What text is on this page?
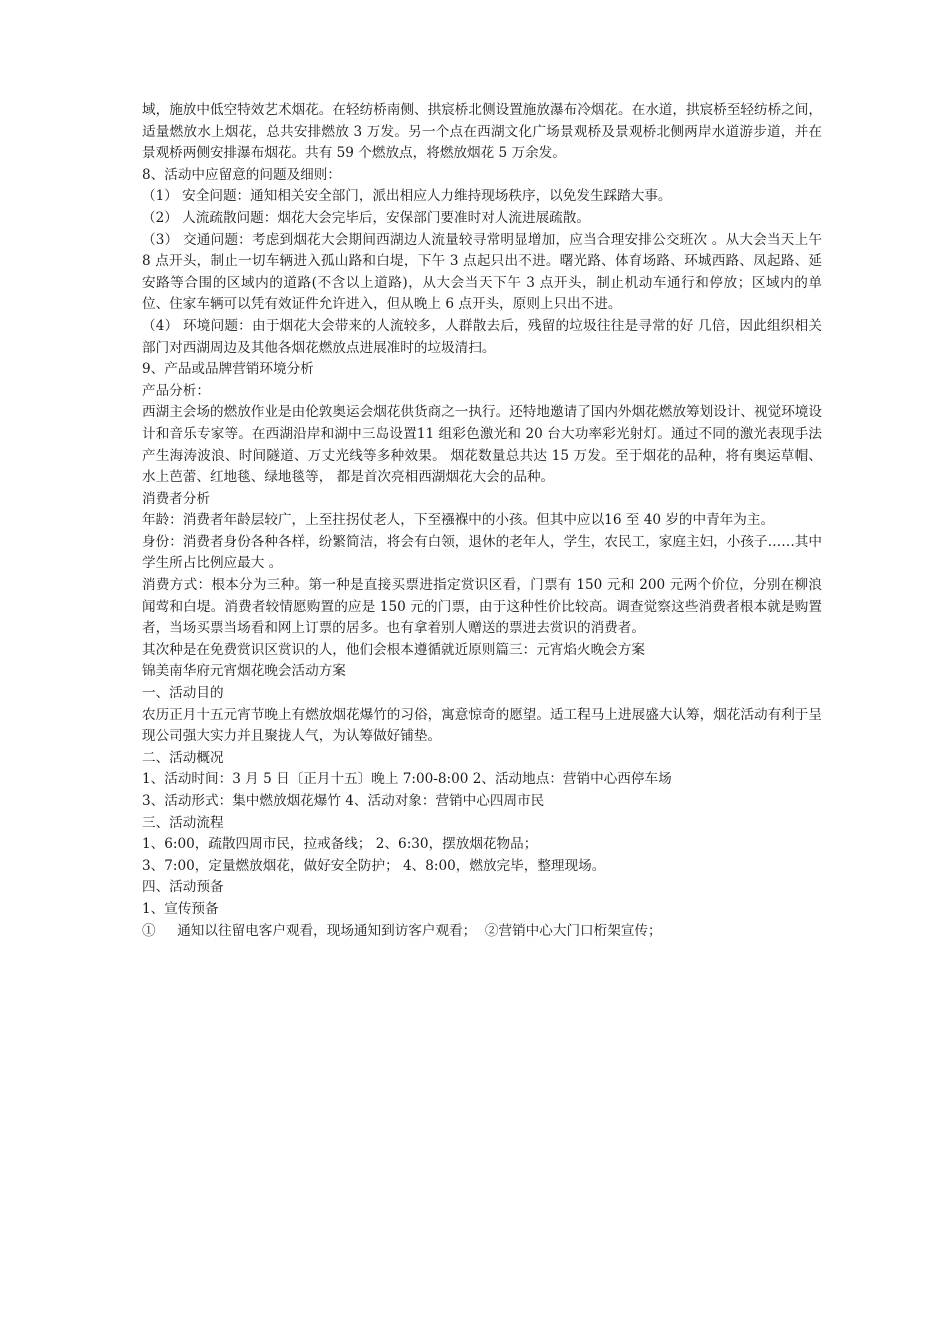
域，施放中低空特效艺术烟花。在轻纺桥南侧、拱宸桥北侧设置施放瀑布冷烟花。在水道，拱宸桥至轻纺桥之间，适量燃放水上烟花，总共安排燃放 3 万发。另一个点在西湖文化广场景观桥及景观桥北侧两岸水道游步道，并在景观桥两侧安排瀑布烟花。共有 59 个燃放点，将燃放烟花 5 万余发。

8、活动中应留意的问题及细则：

（1） 安全问题：通知相关安全部门，派出相应人力维持现场秩序，以免发生踩踏大事。

（2） 人流疏散问题：烟花大会完毕后，安保部门要准时对人流进展疏散。

（3） 交通问题：考虑到烟花大会期间西湖边人流量较寻常明显增加，应当合理安排公交班次 。从大会当天上午 8 点开头，制止一切车辆进入孤山路和白堤，下午 3 点起只出不进。曙光路、体育场路、环城西路、凤起路、延安路等合围的区域内的道路(不含以上道路)，从大会当天下午 3 点开头，制止机动车通行和停放；区域内的单位、住家车辆可以凭有效证件允许进入，但从晚上 6 点开头，原则上只出不进。

（4） 环境问题：由于烟花大会带来的人流较多，人群散去后，残留的垃圾往往是寻常的好 几倍，因此组织相关部门对西湖周边及其他各烟花燃放点进展准时的垃圾清扫。

9、产品或品牌营销环境分析

产品分析：

西湖主会场的燃放作业是由伦敦奥运会烟花供货商之一执行。还特地邀请了国内外烟花燃放筹划设计、视觉环境设计和音乐专家等。在西湖沿岸和湖中三岛设置11 组彩色激光和 20 台大功率彩光射灯。通过不同的激光表现手法产生海涛波浪、时间隧道、万丈光线等多种效果。 烟花数量总共达 15 万发。至于烟花的品种，将有奥运草帽、水上芭蕾、红地毯、绿地毯等， 都是首次亮相西湖烟花大会的品种。

消费者分析

年龄：消费者年龄层较广，上至拄拐仗老人，下至襁褓中的小孩。但其中应以16 至 40 岁的中青年为主。

身份：消费者身份各种各样，纷繁简洁，将会有白领，退休的老年人，学生，农民工，家庭主妇，小孩子……其中学生所占比例应最大 。

消费方式：根本分为三种。第一种是直接买票进指定赏识区看，门票有 150 元和 200 元两个价位，分别在柳浪闻莺和白堤。消费者较情愿购置的应是 150 元的门票，由于这种性价比较高。调查觉察这些消费者根本就是购置者，当场买票当场看和网上订票的居多。也有拿着别人赠送的票进去赏识的消费者。

其次种是在免费赏识区赏识的人，他们会根本遵循就近原则篇三：元宵焰火晚会方案

锦美南华府元宵烟花晚会活动方案

一、活动目的

农历正月十五元宵节晚上有燃放烟花爆竹的习俗，寓意惊奇的愿望。适工程马上进展盛大认筹，烟花活动有利于呈现公司强大实力并且聚拢人气，为认筹做好铺垫。

二、活动概况

1、活动时间：3 月 5 日〔正月十五〕晚上 7:00-8:00 2、活动地点：营销中心西停车场

3、活动形式：集中燃放烟花爆竹 4、活动对象：营销中心四周市民

三、活动流程

1、6:00，疏散四周市民，拉戒备线； 2、6:30，摆放烟花物品；

3、7:00，定量燃放烟花，做好安全防护； 4、8:00，燃放完毕，整理现场。

四、活动预备

1、宣传预备

①     通知以往留电客户观看，现场通知到访客户观看；  ②营销中心大门口桁架宣传；
